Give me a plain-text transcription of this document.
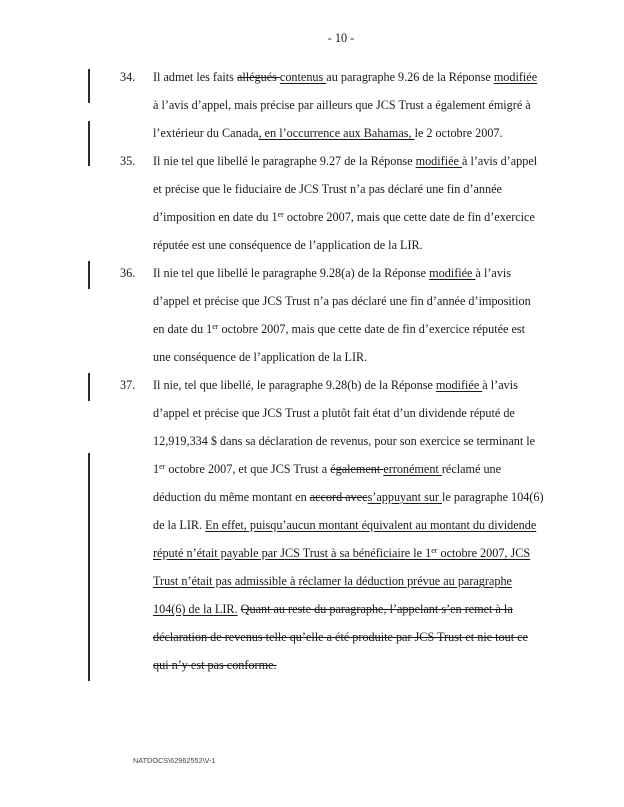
- 10 -
34. Il admet les faits allégués contenus au paragraphe 9.26 de la Réponse modifiée à l’avis d’appel, mais précise par ailleurs que JCS Trust a également émigré à l’extérieur du Canada, en l’occurrence aux Bahamas, le 2 octobre 2007.
35. Il nie tel que libellé le paragraphe 9.27 de la Réponse modifiée à l’avis d’appel et précise que le fiduciaire de JCS Trust n’a pas déclaré une fin d’année d’imposition en date du 1er octobre 2007, mais que cette date de fin d’exercice réputée est une conséquence de l’application de la LIR.
36. Il nie tel que libellé le paragraphe 9.28(a) de la Réponse modifiée à l’avis d’appel et précise que JCS Trust n’a pas déclaré une fin d’année d’imposition en date du 1er octobre 2007, mais que cette date de fin d’exercice réputée est une conséquence de l’application de la LIR.
37. Il nie, tel que libellé, le paragraphe 9.28(b) de la Réponse modifiée à l’avis d’appel et précise que JCS Trust a plutôt fait état d’un dividende réputé de 12,919,334 $ dans sa déclaration de revenus, pour son exercice se terminant le 1er octobre 2007, et que JCS Trust a également erronément réclamé une déduction du même montant en accord avecs’appuyant sur le paragraphe 104(6) de la LIR. En effet, puisqu’aucun montant équivalent au montant du dividende réputé n’était payable par JCS Trust à sa bénéficiaire le 1er octobre 2007, JCS Trust n’était pas admissible à réclamer la déduction prévue au paragraphe 104(6) de la LIR. Quant au reste du paragraphe, l’appelant s’en remet à la déclaration de revenus telle qu’elle a été produite par JCS Trust et nie tout ce qui n’y est pas conforme.
NATDOCS\62962552\V-1
